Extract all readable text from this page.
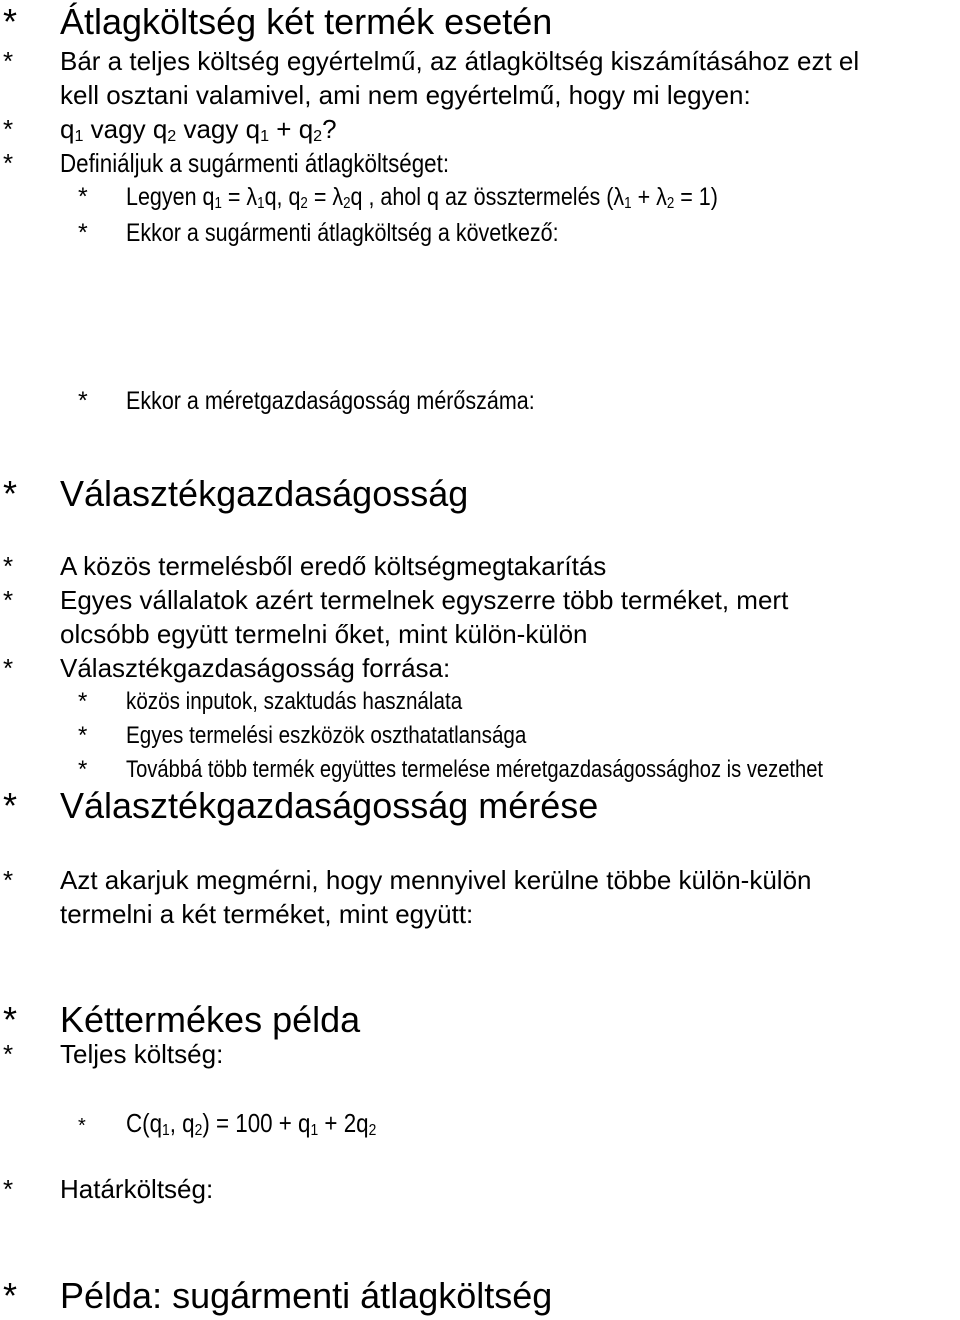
* Átlagköltség két termék esetén
* Bár a teljes költség egyértelmű, az átlagköltség kiszámításához ezt el
kell osztani valamivel, ami nem egyértelmű, hogy mi legyen:
* $q_1$ vagy $q_2$ vagy $q_1 + q_2$?
* Definiáljuk a sugármenti átlagköltséget:
* Legyen $q_1 = \lambda_1q$, $q_2 = \lambda_2q$ , ahol q az össztermelés $(\lambda_1 + \lambda_2 = 1)$
* Ekkor a sugármenti átlagköltség a következő:
* Ekkor a méretgazdaságosság mérőszáma:
* Választékgazdaságosság
* A közös termelésből eredő költségmegtakarítás
* Egyes vállalatok azért termelnek egyszerre több terméket, mert
olcsóbb együtt termelni őket, mint külön-külön
* Választékgazdaságosság forrása:
* közös inputok, szaktudás használata
* Egyes termelési eszközök oszthatatlansága
* Továbbá több termék együttes termelése méretgazdaságossághoz is vezethet
* Választékgazdaságosság mérése
* Azt akarjuk megmérni, hogy mennyivel kerülne többe külön-külön
termelni a két terméket, mint együtt:
* Kéttermékes példa
* Teljes költség:
* $C(q_1$, $q_2) = 100 + q_1 + 2q_2$
* Határköltség:
* Példa: sugármenti átlagköltség
